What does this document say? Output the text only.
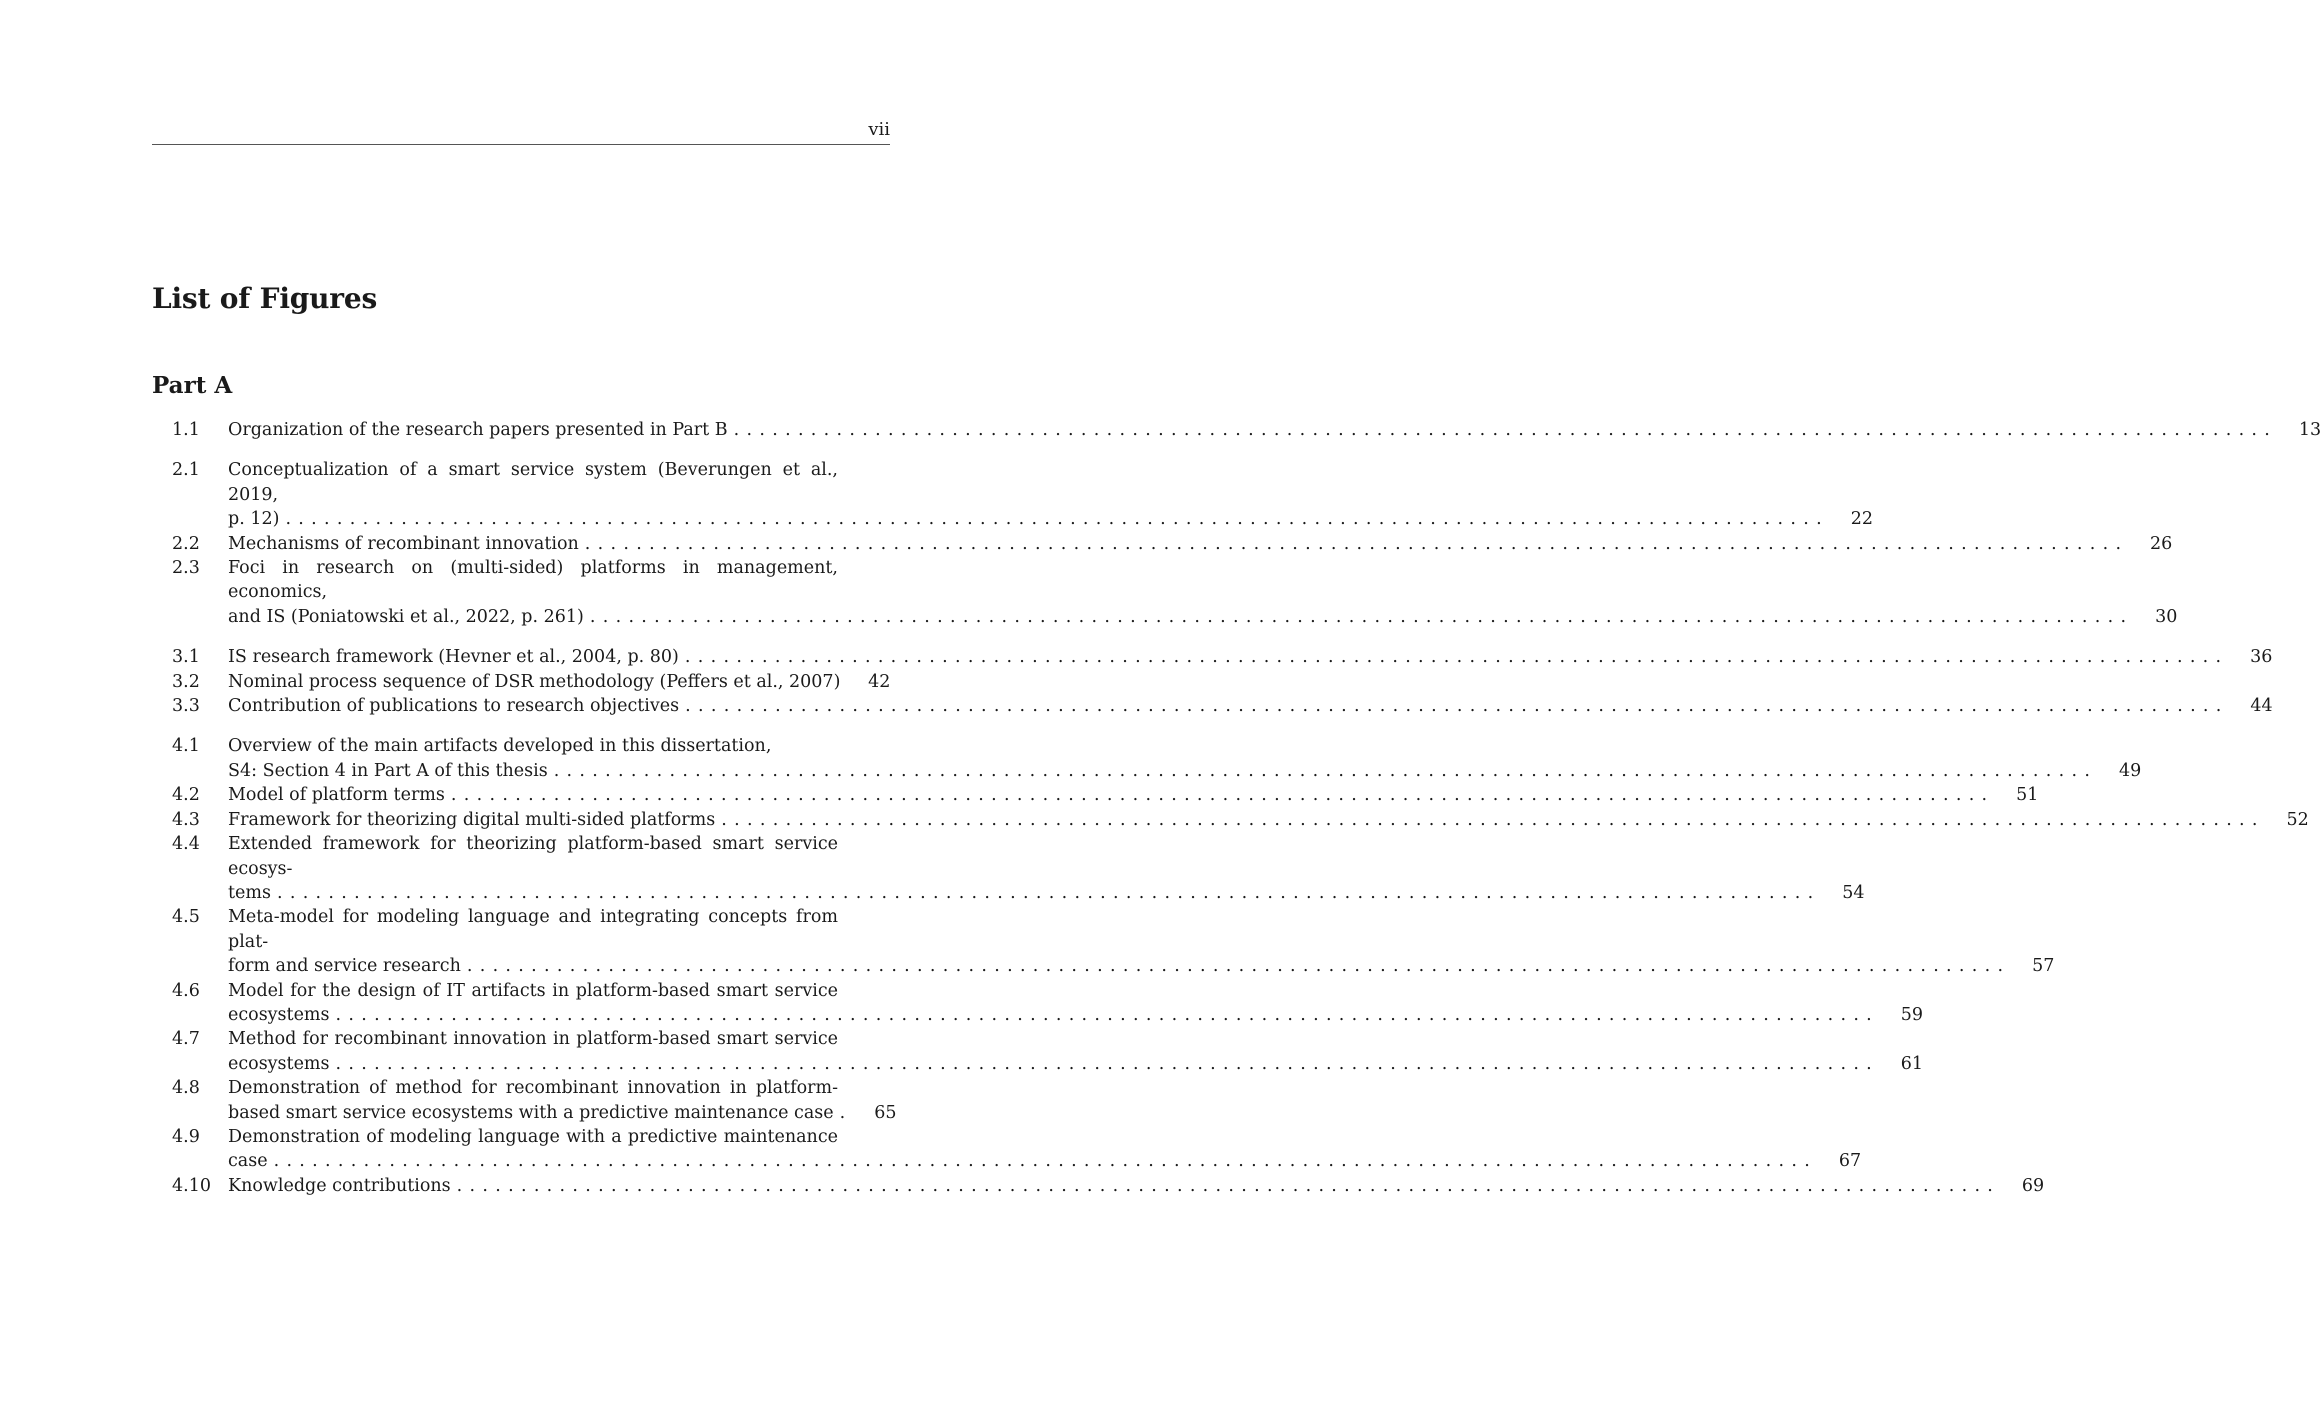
vii
List of Figures
Part A
1.1	Organization of the research papers presented in Part B ........................................................................................................................	13
2.1	Conceptualization of a smart service system (Beverungen et al., 2019,
p. 12) ........................................................................................................................	22
2.2	Mechanisms of recombinant innovation ........................................................................................................................	26
2.3	Foci in research on (multi-sided) platforms in management, economics,
and IS (Poniatowski et al., 2022, p. 261) ........................................................................................................................	30
3.1	IS research framework (Hevner et al., 2004, p. 80) ........................................................................................................................	36
3.2	Nominal process sequence of DSR methodology (Peffers et al., 2007)	42
3.3	Contribution of publications to research objectives ........................................................................................................................	44
4.1	Overview of the main artifacts developed in this dissertation,
S4: Section 4 in Part A of this thesis ........................................................................................................................	49
4.2	Model of platform terms ........................................................................................................................	51
4.3	Framework for theorizing digital multi-sided platforms ........................................................................................................................	52
4.4	Extended framework for theorizing platform-based smart service ecosys-
tems ........................................................................................................................	54
4.5	Meta-model for modeling language and integrating concepts from plat-
form and service research ........................................................................................................................	57
4.6	Model for the design of IT artifacts in platform-based smart service
ecosystems ........................................................................................................................	59
4.7	Method for recombinant innovation in platform-based smart service
ecosystems ........................................................................................................................	61
4.8	Demonstration of method for recombinant innovation in platform-
based smart service ecosystems with a predictive maintenance case .	65
4.9	Demonstration of modeling language with a predictive maintenance
case ........................................................................................................................	67
4.10 Knowledge contributions ........................................................................................................................	69
